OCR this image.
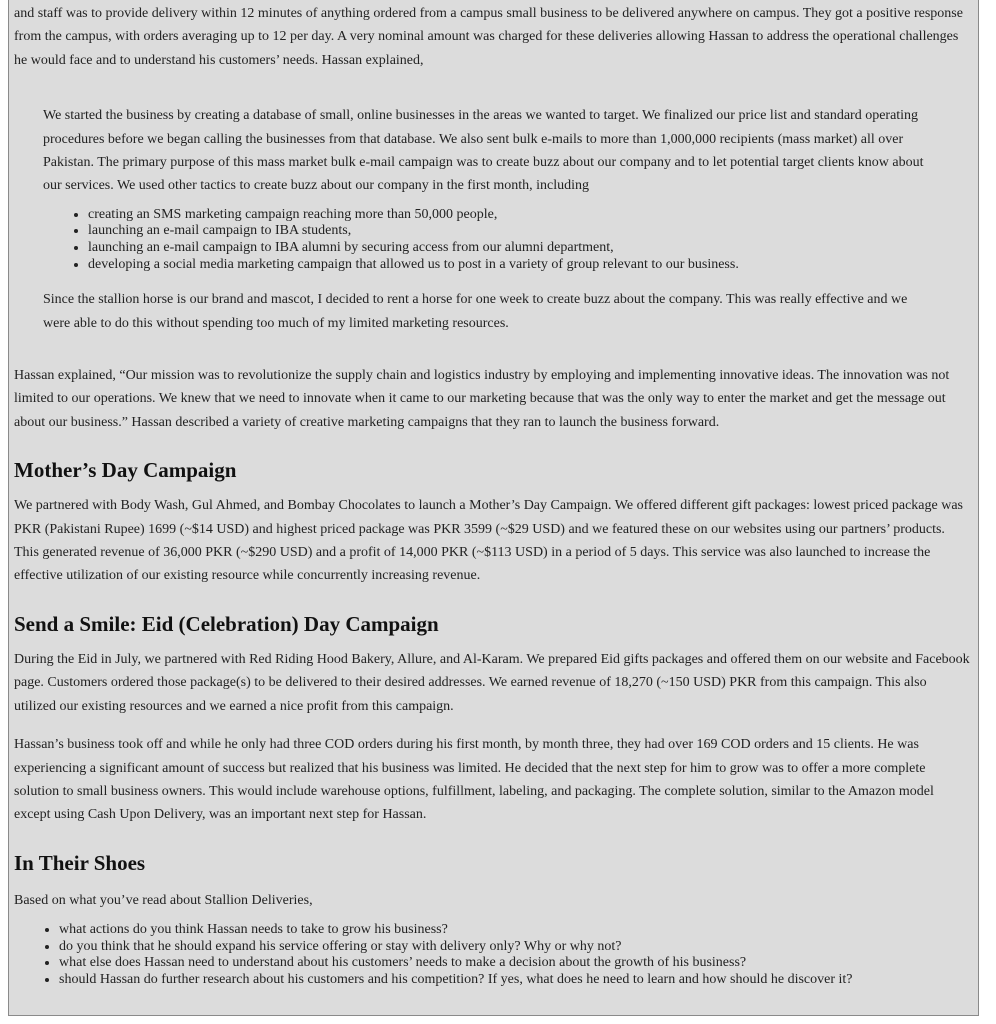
and staff was to provide delivery within 12 minutes of anything ordered from a campus small business to be delivered anywhere on campus. They got a positive response from the campus, with orders averaging up to 12 per day. A very nominal amount was charged for these deliveries allowing Hassan to address the operational challenges he would face and to understand his customers’ needs. Hassan explained,

We started the business by creating a database of small, online businesses in the areas we wanted to target. We finalized our price list and standard operating procedures before we began calling the businesses from that database. We also sent bulk e-mails to more than 1,000,000 recipients (mass market) all over Pakistan. The primary purpose of this mass market bulk e-mail campaign was to create buzz about our company and to let potential target clients know about our services. We used other tactics to create buzz about our company in the first month, including

• creating an SMS marketing campaign reaching more than 50,000 people,
• launching an e-mail campaign to IBA students,
• launching an e-mail campaign to IBA alumni by securing access from our alumni department,
• developing a social media marketing campaign that allowed us to post in a variety of group relevant to our business.

Since the stallion horse is our brand and mascot, I decided to rent a horse for one week to create buzz about the company. This was really effective and we were able to do this without spending too much of my limited marketing resources.

Hassan explained, “Our mission was to revolutionize the supply chain and logistics industry by employing and implementing innovative ideas. The innovation was not limited to our operations. We knew that we need to innovate when it came to our marketing because that was the only way to enter the market and get the message out about our business.” Hassan described a variety of creative marketing campaigns that they ran to launch the business forward.

Mother’s Day Campaign

We partnered with Body Wash, Gul Ahmed, and Bombay Chocolates to launch a Mother’s Day Campaign. We offered different gift packages: lowest priced package was PKR (Pakistani Rupee) 1699 (~$14 USD) and highest priced package was PKR 3599 (~$29 USD) and we featured these on our websites using our partners’ products. This generated revenue of 36,000 PKR (~$290 USD) and a profit of 14,000 PKR (~$113 USD) in a period of 5 days. This service was also launched to increase the effective utilization of our existing resource while concurrently increasing revenue.

Send a Smile: Eid (Celebration) Day Campaign

During the Eid in July, we partnered with Red Riding Hood Bakery, Allure, and Al-Karam. We prepared Eid gifts packages and offered them on our website and Facebook page. Customers ordered those package(s) to be delivered to their desired addresses. We earned revenue of 18,270 (~150 USD) PKR from this campaign. This also utilized our existing resources and we earned a nice profit from this campaign.

Hassan’s business took off and while he only had three COD orders during his first month, by month three, they had over 169 COD orders and 15 clients. He was experiencing a significant amount of success but realized that his business was limited. He decided that the next step for him to grow was to offer a more complete solution to small business owners. This would include warehouse options, fulfillment, labeling, and packaging. The complete solution, similar to the Amazon model except using Cash Upon Delivery, was an important next step for Hassan.

In Their Shoes

Based on what you’ve read about Stallion Deliveries,

• what actions do you think Hassan needs to take to grow his business?
• do you think that he should expand his service offering or stay with delivery only? Why or why not?
• what else does Hassan need to understand about his customers’ needs to make a decision about the growth of his business?
• should Hassan do further research about his customers and his competition? If yes, what does he need to learn and how should he discover it?
